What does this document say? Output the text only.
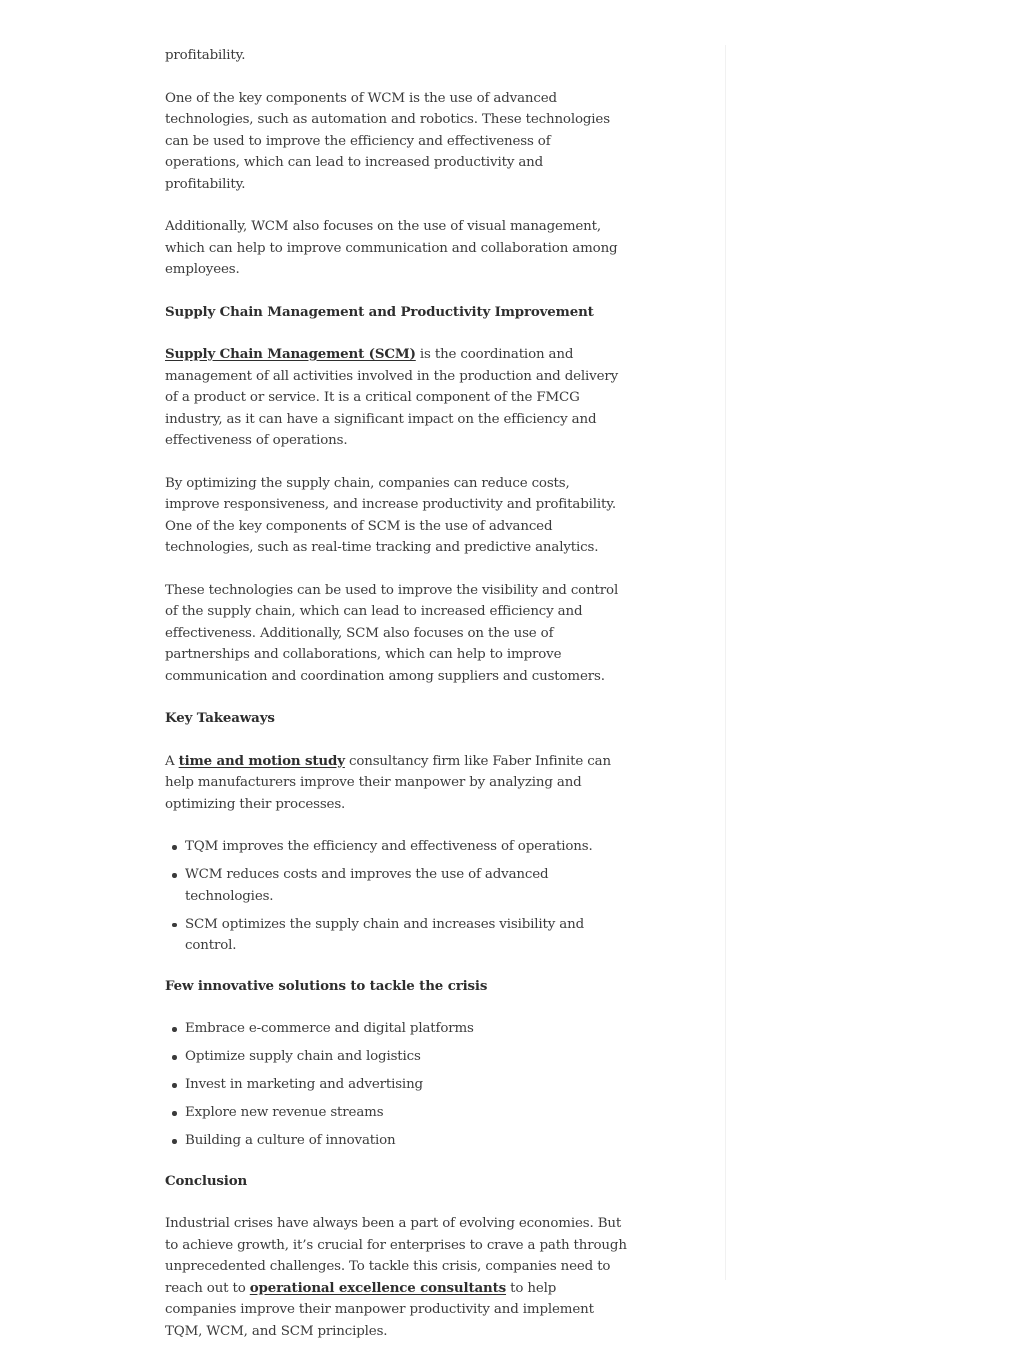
profitability.

One of the key components of WCM is the use of advanced technologies, such as automation and robotics. These technologies can be used to improve the efficiency and effectiveness of operations, which can lead to increased productivity and profitability.

Additionally, WCM also focuses on the use of visual management, which can help to improve communication and collaboration among employees.

Supply Chain Management and Productivity Improvement

Supply Chain Management (SCM) is the coordination and management of all activities involved in the production and delivery of a product or service. It is a critical component of the FMCG industry, as it can have a significant impact on the efficiency and effectiveness of operations.

By optimizing the supply chain, companies can reduce costs, improve responsiveness, and increase productivity and profitability. One of the key components of SCM is the use of advanced technologies, such as real-time tracking and predictive analytics.

These technologies can be used to improve the visibility and control of the supply chain, which can lead to increased efficiency and effectiveness. Additionally, SCM also focuses on the use of partnerships and collaborations, which can help to improve communication and coordination among suppliers and customers.

Key Takeaways

A time and motion study consultancy firm like Faber Infinite can help manufacturers improve their manpower by analyzing and optimizing their processes.

TQM improves the efficiency and effectiveness of operations.
WCM reduces costs and improves the use of advanced technologies.
SCM optimizes the supply chain and increases visibility and control.
Few innovative solutions to tackle the crisis
Embrace e-commerce and digital platforms
Optimize supply chain and logistics
Invest in marketing and advertising
Explore new revenue streams
Building a culture of innovation
Conclusion

Industrial crises have always been a part of evolving economies. But to achieve growth, it’s crucial for enterprises to crave a path through unprecedented challenges. To tackle this crisis, companies need to reach out to operational excellence consultants to help companies improve their manpower productivity and implement TQM, WCM, and SCM principles.
